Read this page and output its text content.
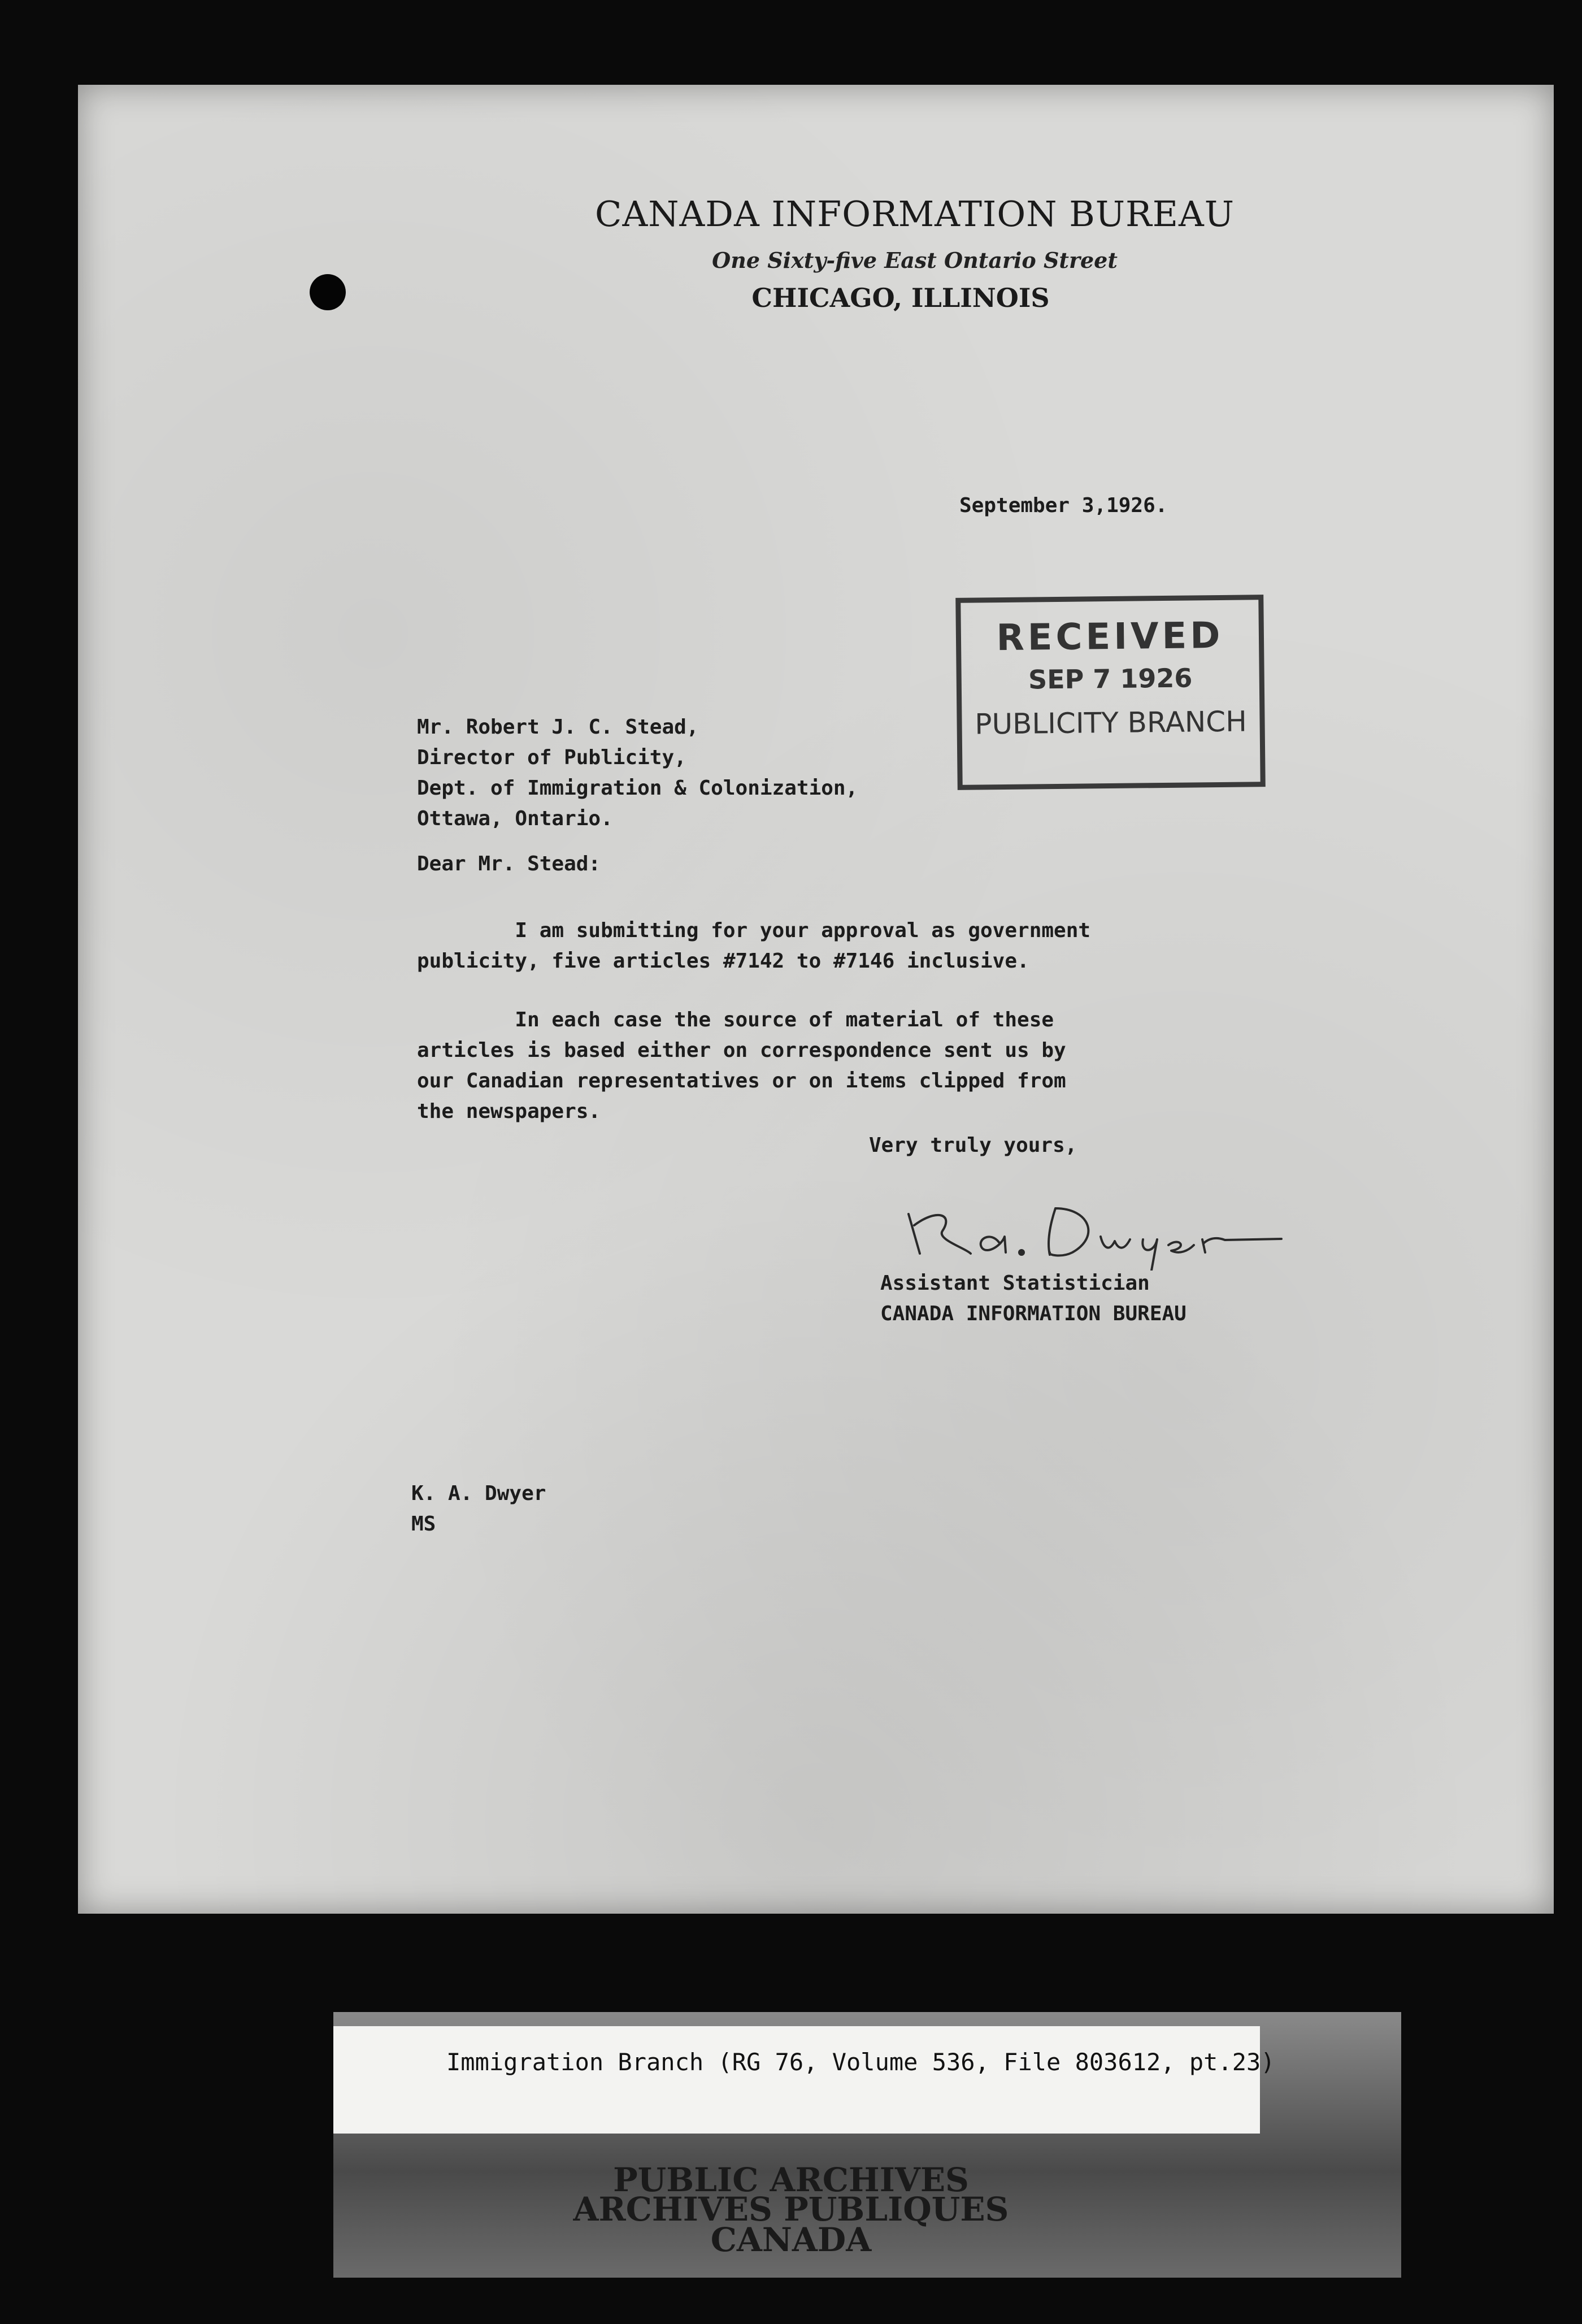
CANADA INFORMATION BUREAU
One Sixty-five East Ontario Street
CHICAGO, ILLINOIS
September 3,1926.
RECEIVED
SEP 7 1926
PUBLICITY BRANCH
Mr. Robert J. C. Stead,
Director of Publicity,
Dept. of Immigration & Colonization,
Ottawa, Ontario.
Dear Mr. Stead:
I am submitting for your approval as government
publicity, five articles #7142 to #7146 inclusive.
In each case the source of material of these
articles is based either on correspondence sent us by
our Canadian representatives or on items clipped from
the newspapers.
Very truly yours,
Assistant Statistician
CANADA INFORMATION BUREAU
K. A. Dwyer
MS
Immigration Branch (RG 76, Volume 536, File 803612, pt.23)
PUBLIC ARCHIVES
ARCHIVES PUBLIQUES
CANADA
